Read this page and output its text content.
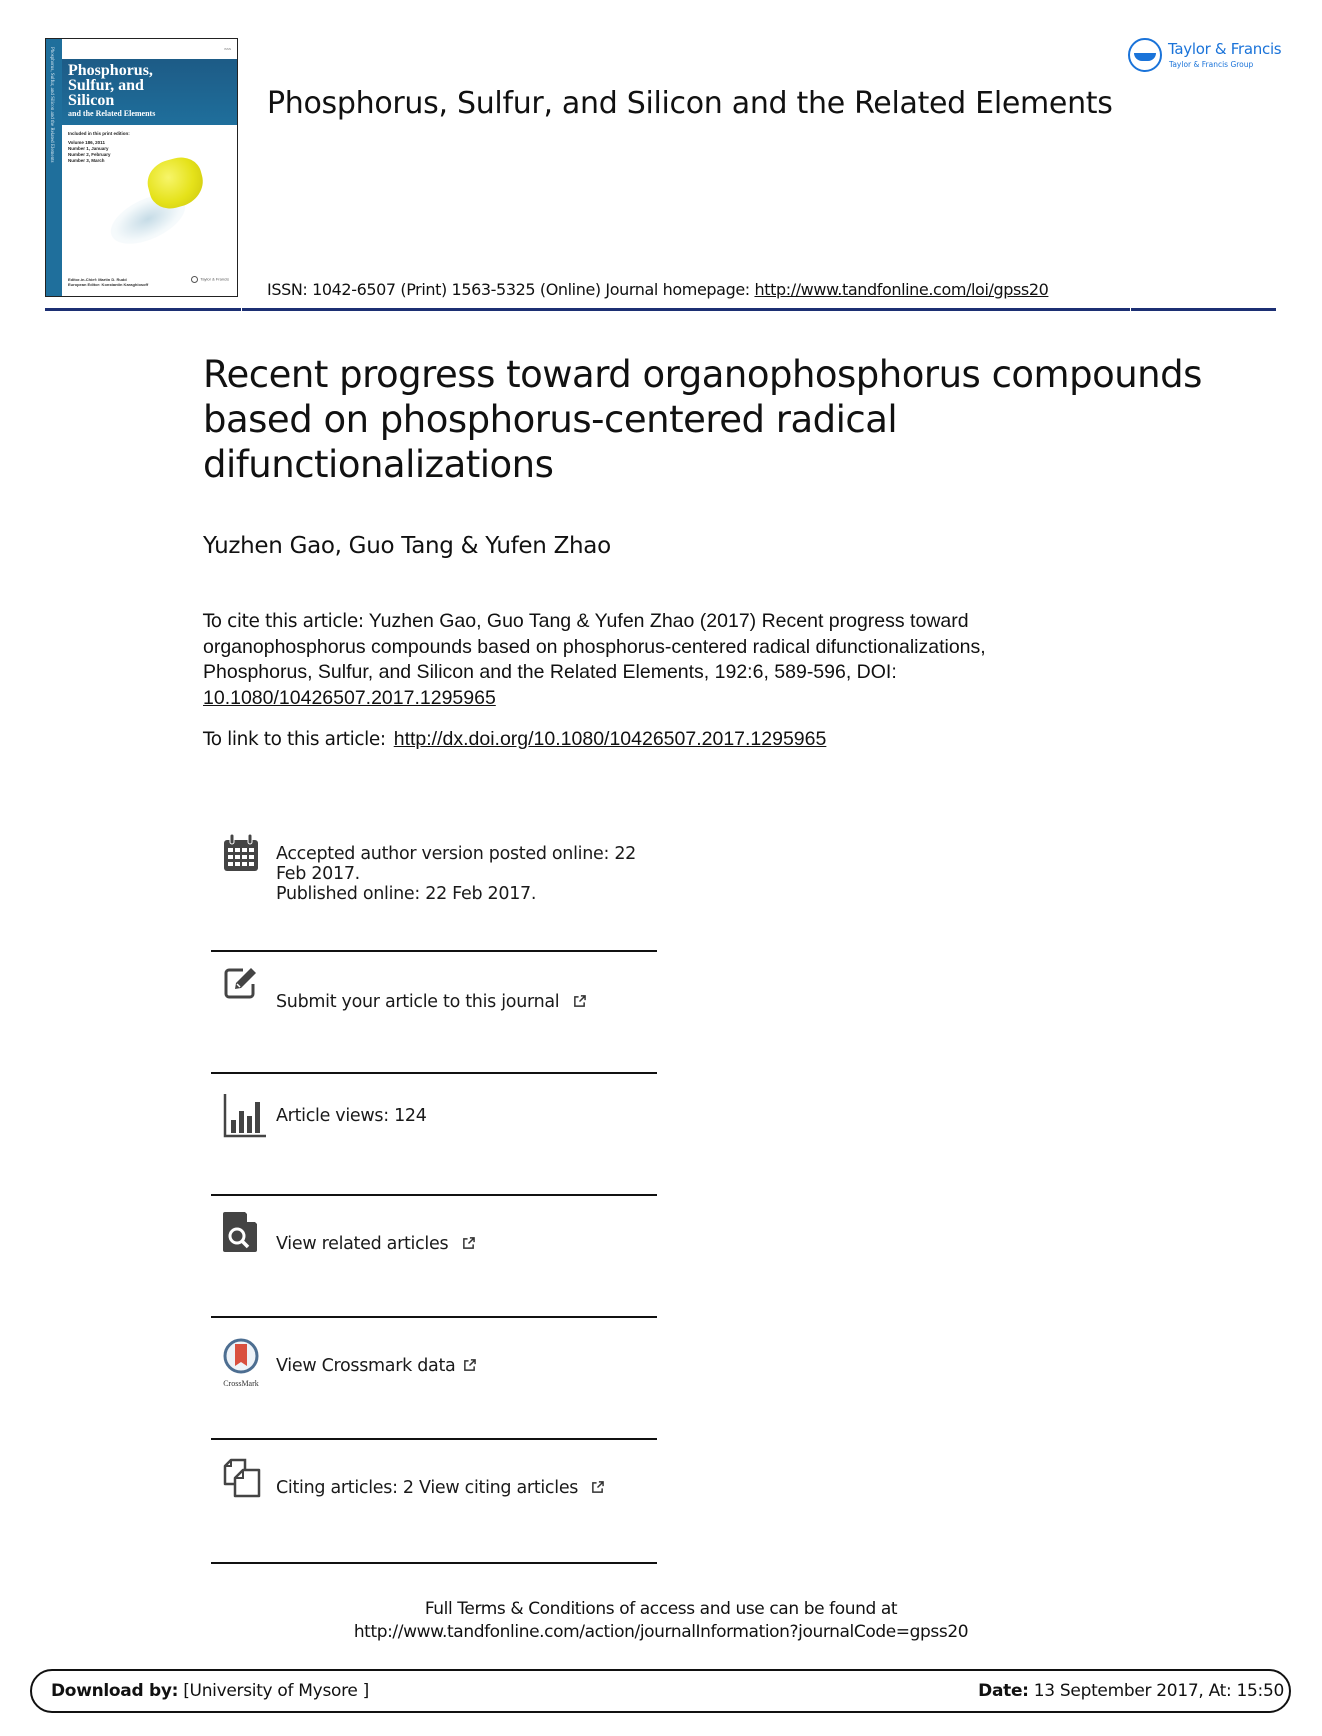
Phosphorus, Sulfur, and Silicon and the Related Elements	ISSN
Phosphorus,
Sulfur, and
Silicon
and the Related Elements
Included in this print edition:
Volume 186, 2011
Number 1, January
Number 2, February
Number 3, March
Editor-in-Chief: Martin D. Rudd
European Editor: Konstantin Karaghiosoff
Taylor & Francis
Phosphorus, Sulfur, and Silicon and the Related Elements
ISSN: 1042-6507 (Print) 1563-5325 (Online) Journal homepage: http://www.tandfonline.com/loi/gpss20
Taylor & Francis
Taylor & Francis Group
Recent progress toward organophosphorus compounds based on phosphorus-centered radical difunctionalizations
Yuzhen Gao, Guo Tang & Yufen Zhao
To cite this article: Yuzhen Gao, Guo Tang & Yufen Zhao (2017) Recent progress toward organophosphorus compounds based on phosphorus-centered radical difunctionalizations, Phosphorus, Sulfur, and Silicon and the Related Elements, 192:6, 589-596, DOI:
10.1080/10426507.2017.1295965
To link to this article: http://dx.doi.org/10.1080/10426507.2017.1295965
Accepted author version posted online: 22
Feb 2017.
Published online: 22 Feb 2017.
Submit your article to this journal
Article views: 124
View related articles
CrossMark
View Crossmark data
Citing articles: 2 View citing articles
Full Terms & Conditions of access and use can be found at
http://www.tandfonline.com/action/journalInformation?journalCode=gpss20
Download by: [University of Mysore ]	Date: 13 September 2017, At: 15:50
